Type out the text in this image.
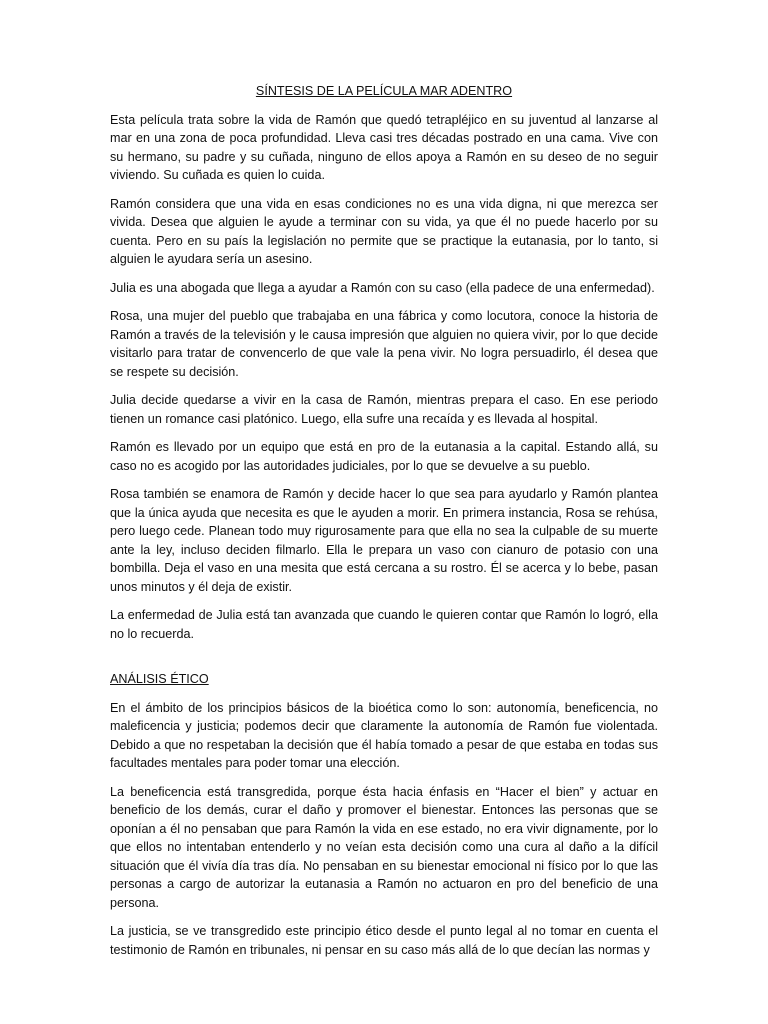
SÍNTESIS DE LA PELÍCULA MAR ADENTRO

Esta película trata sobre la vida de Ramón que quedó tetrapléjico en su juventud al lanzarse al mar en una zona de poca profundidad. Lleva casi tres décadas postrado en una cama. Vive con su hermano, su padre y su cuñada, ninguno de ellos apoya a Ramón en su deseo de no seguir viviendo. Su cuñada es quien lo cuida.

Ramón considera que una vida en esas condiciones no es una vida digna, ni que merezca ser vivida. Desea que alguien le ayude a terminar con su vida, ya que él no puede hacerlo por su cuenta. Pero en su país la legislación no permite que se practique la eutanasia, por lo tanto, si alguien le ayudara sería un asesino.

Julia es una abogada que llega a ayudar a Ramón con su caso (ella padece de una enfermedad).

Rosa, una mujer del pueblo que trabajaba en una fábrica y como locutora, conoce la historia de Ramón a través de la televisión y le causa impresión que alguien no quiera vivir, por lo que decide visitarlo para tratar de convencerlo de que vale la pena vivir. No logra persuadirlo, él desea que se respete su decisión.

Julia decide quedarse a vivir en la casa de Ramón, mientras prepara el caso. En ese periodo tienen un romance casi platónico. Luego, ella sufre una recaída y es llevada al hospital.

Ramón es llevado por un equipo que está en pro de la eutanasia a la capital. Estando allá, su caso no es acogido por las autoridades judiciales, por lo que se devuelve a su pueblo.

Rosa también se enamora de Ramón y decide hacer lo que sea para ayudarlo y Ramón plantea que la única ayuda que necesita es que le ayuden a morir. En primera instancia, Rosa se rehúsa, pero luego cede. Planean todo muy rigurosamente para que ella no sea la culpable de su muerte ante la ley, incluso deciden filmarlo. Ella le prepara un vaso con cianuro de potasio con una bombilla. Deja el vaso en una mesita que está cercana a su rostro. Él se acerca y lo bebe, pasan unos minutos y él deja de existir.

La enfermedad de Julia está tan avanzada que cuando le quieren contar que Ramón lo logró, ella no lo recuerda.

ANÁLISIS ÉTICO

En el ámbito de los principios básicos de la bioética como lo son: autonomía, beneficencia, no maleficencia y justicia; podemos decir que claramente la autonomía de Ramón fue violentada. Debido a que no respetaban la decisión que él había tomado a pesar de que estaba en todas sus facultades mentales para poder tomar una elección.

La beneficencia está transgredida, porque ésta hacia énfasis en “Hacer el bien” y actuar en beneficio de los demás, curar el daño y promover el bienestar. Entonces las personas que se oponían a él no pensaban que para Ramón la vida en ese estado, no era vivir dignamente, por lo que ellos no intentaban entenderlo y no veían esta decisión como una cura al daño a la difícil situación que él vivía día tras día. No pensaban en su bienestar emocional ni físico por lo que las personas a cargo de autorizar la eutanasia a Ramón no actuaron en pro del beneficio de una persona.

La justicia, se ve transgredido este principio ético desde el punto legal al no tomar en cuenta el testimonio de Ramón en tribunales, ni pensar en su caso más allá de lo que decían las normas y
